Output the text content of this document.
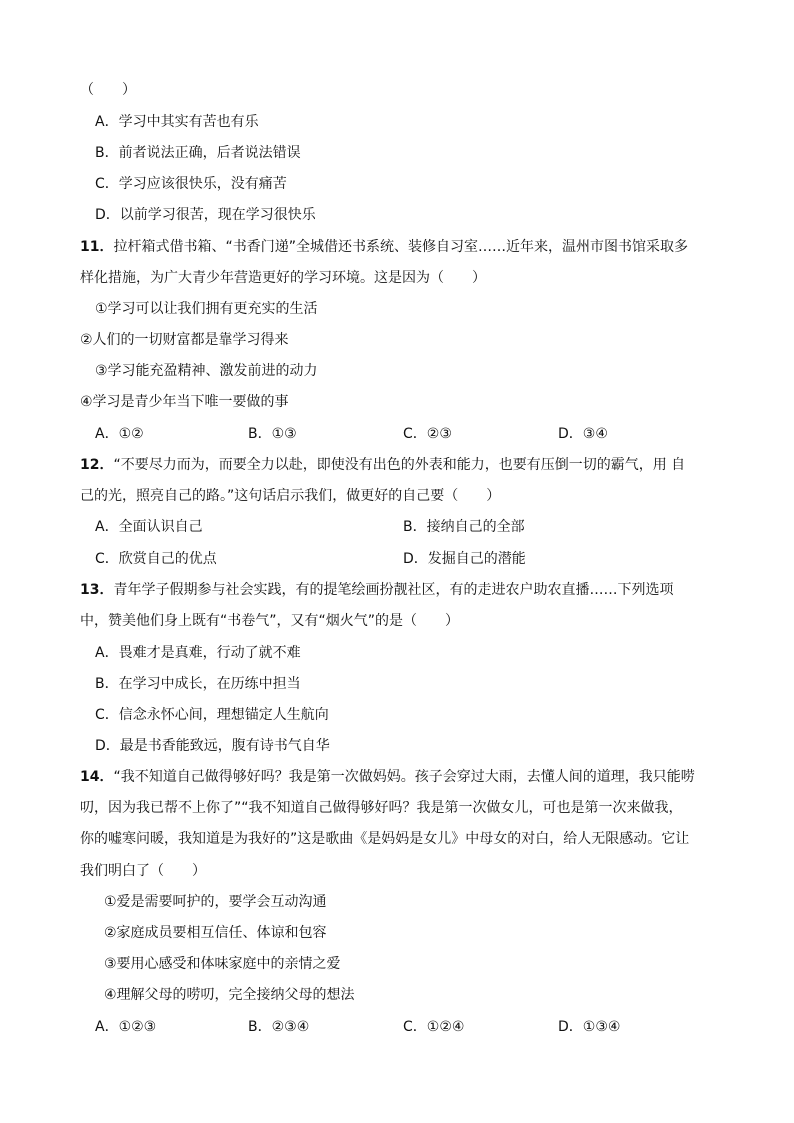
（　　）
A．学习中其实有苦也有乐
B．前者说法正确，后者说法错误
C．学习应该很快乐，没有痛苦
D．以前学习很苦，现在学习很快乐
11．拉杆箱式借书箱、“书香门递”全城借还书系统、装修自习室……近年来，温州市图书馆采取多
样化措施，为广大青少年营造更好的学习环境。这是因为（　　）
①学习可以让我们拥有更充实的生活
②人们的一切财富都是靠学习得来
③学习能充盈精神、激发前进的动力
④学习是青少年当下唯一要做的事
A．①②	B．①③	C．②③	D．③④
12．“不要尽力而为，而要全力以赴，即使没有出色的外表和能力，也要有压倒一切的霸气，用 自
己的光，照亮自己的路。”这句话启示我们，做更好的自己要（　　）
A．全面认识自己	B．接纳自己的全部
C．欣赏自己的优点	D．发掘自己的潜能
13．青年学子假期参与社会实践，有的提笔绘画扮靓社区，有的走进农户助农直播……下列选项
中，赞美他们身上既有“书卷气”，又有“烟火气”的是（　　）
A．畏难才是真难，行动了就不难
B．在学习中成长，在历练中担当
C．信念永怀心间，理想锚定人生航向
D．最是书香能致远，腹有诗书气自华
14．“我不知道自己做得够好吗？我是第一次做妈妈。孩子会穿过大雨，去懂人间的道理，我只能唠
叨，因为我已帮不上你了”“我不知道自己做得够好吗？我是第一次做女儿，可也是第一次来做我，
你的嘘寒问暖，我知道是为我好的”这是歌曲《是妈妈是女儿》中母女的对白，给人无限感动。它让
我们明白了（　　）
①爱是需要呵护的，要学会互动沟通
②家庭成员要相互信任、体谅和包容
③要用心感受和体味家庭中的亲情之爱
④理解父母的唠叨，完全接纳父母的想法
A．①②③	B．②③④	C．①②④	D．①③④
